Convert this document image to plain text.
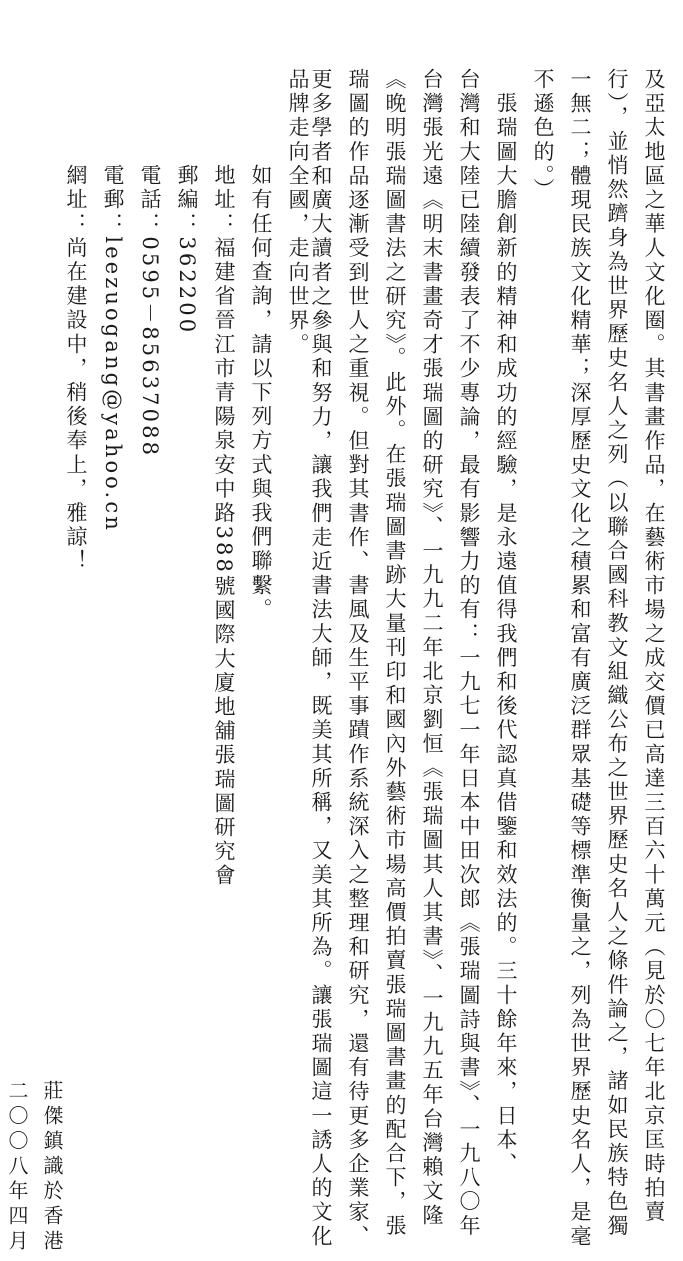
及亞太地區之華人文化圈。其書畫作品，在藝術市場之成交價已高達三百六十萬元（見於〇七年北京匡時拍賣
行），並悄然躋身為世界歷史名人之列（以聯合國科教文組織公布之世界歷史名人之條件論之，諸如民族特色獨
一無二；體現民族文化精華；深厚歷史文化之積累和富有廣泛群眾基礎等標準衡量之，列為世界歷史名人，是毫
不遜色的。）
　張瑞圖大膽創新的精神和成功的經驗，是永遠值得我們和後代認真借鑒和效法的。三十餘年來，日本、
台灣和大陸已陸續發表了不少專論，最有影響力的有：一九七一年日本中田次郎《張瑞圖詩與書》、一九八〇年
台灣張光遠《明末書畫奇才張瑞圖的研究》、一九九二年北京劉恒《張瑞圖其人其書》、一九九五年台灣賴文隆
《晚明張瑞圖書法之研究》。此外。在張瑞圖書跡大量刊印和國內外藝術市場高價拍賣張瑞圖書畫的配合下，張
瑞圖的作品逐漸受到世人之重視。但對其書作、書風及生平事蹟作系統深入之整理和研究，還有待更多企業家、
更多學者和廣大讀者之參與和努力，讓我們走近書法大師，既美其所稱，又美其所為。讓張瑞圖這一誘人的文化
品牌走向全國，走向世界。
　如有任何查詢，請以下列方式與我們聯繫。
　地址：福建省晉江市青陽泉安中路388號國際大廈地舖張瑞圖研究會
　郵編：362200
　電話：0595－85637088
　電郵：leezuogang@yahoo.cn
　網址：尚在建設中，稍後奉上，雅諒！
莊傑鎮識於香港
二〇〇八年四月
